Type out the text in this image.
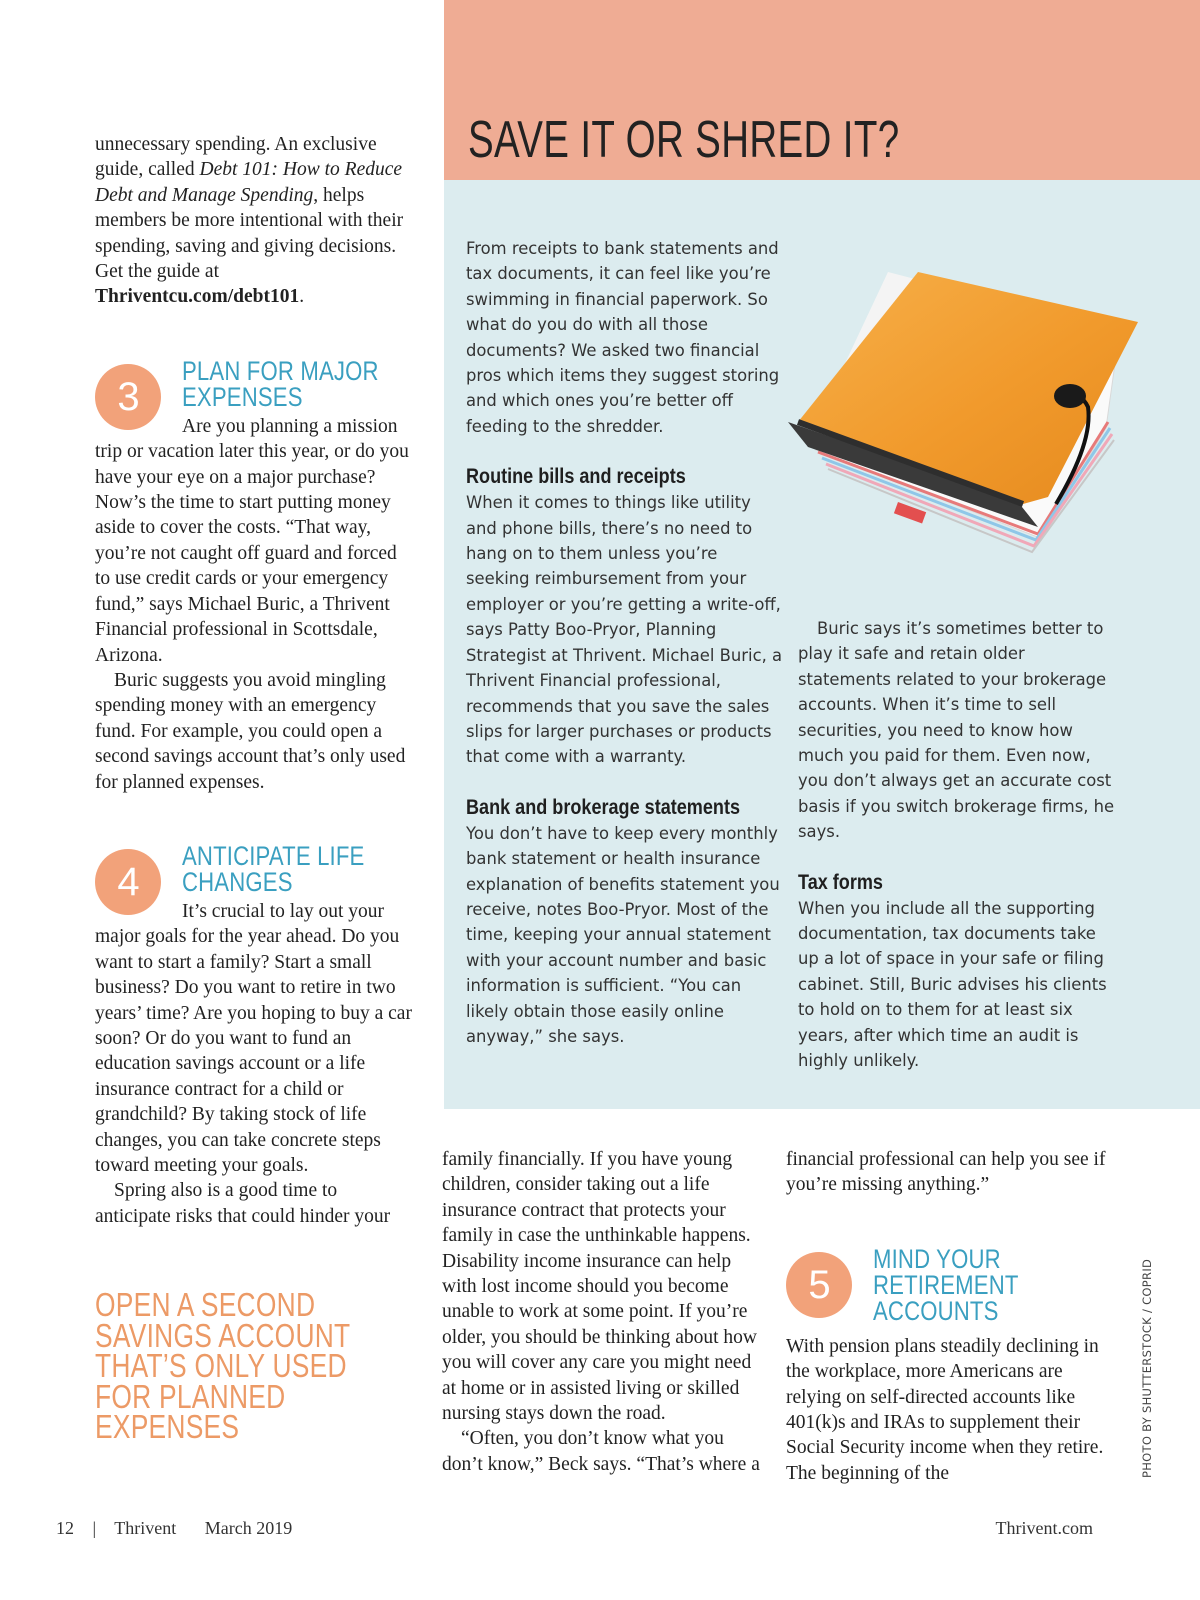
unnecessary spending. An exclusive guide, called Debt 101: How to Reduce Debt and Manage Spending, helps members be more intentional with their spending, saving and giving decisions. Get the guide at Thriventcu.com/debt101.

3
PLAN FOR MAJOR EXPENSES

Are you planning a mission trip or vacation later this year, or do you have your eye on a major purchase? Now’s the time to start putting money aside to cover the costs. “That way, you’re not caught off guard and forced to use credit cards or your emergency fund,” says Michael Buric, a Thrivent Financial professional in Scottsdale, Arizona.

Buric suggests you avoid mingling spending money with an emergency fund. For example, you could open a second savings account that’s only used for planned expenses.

4
ANTICIPATE LIFE CHANGES

It’s crucial to lay out your major goals for the year ahead. Do you want to start a family? Start a small business? Do you want to retire in two years’ time? Are you hoping to buy a car soon? Or do you want to fund an education savings account or a life insurance contract for a child or grandchild? By taking stock of life changes, you can take concrete steps toward meeting your goals.

Spring also is a good time to anticipate risks that could hinder your

OPEN A SECOND SAVINGS ACCOUNT THAT’S ONLY USED FOR PLANNED EXPENSES
SAVE IT OR SHRED IT?

From receipts to bank statements and tax documents, it can feel like you’re swimming in financial paperwork. So what do you do with all those documents? We asked two financial pros which items they suggest storing and which ones you’re better off feeding to the shredder.

Routine bills and receipts

When it comes to things like utility and phone bills, there’s no need to hang on to them unless you’re seeking reimbursement from your employer or you’re getting a write-off, says Patty Boo-Pryor, Planning Strategist at Thrivent. Michael Buric, a Thrivent Financial professional, recommends that you save the sales slips for larger purchases or products that come with a warranty.

Bank and brokerage statements

You don’t have to keep every monthly bank statement or health insurance explanation of benefits statement you receive, notes Boo-Pryor. Most of the time, keeping your annual statement with your account number and basic information is sufficient. “You can likely obtain those easily online anyway,” she says.

Buric says it’s sometimes better to play it safe and retain older statements related to your brokerage accounts. When it’s time to sell securities, you need to know how much you paid for them. Even now, you don’t always get an accurate cost basis if you switch brokerage firms, he says.

Tax forms

When you include all the supporting documentation, tax documents take up a lot of space in your safe or filing cabinet. Still, Buric advises his clients to hold on to them for at least six years, after which time an audit is highly unlikely.

family financially. If you have young children, consider taking out a life insurance contract that protects your family in case the unthinkable happens. Disability income insurance can help with lost income should you become unable to work at some point. If you’re older, you should be thinking about how you will cover any care you might need at home or in assisted living or skilled nursing stays down the road.

“Often, you don’t know what you don’t know,” Beck says. “That’s where a

financial professional can help you see if you’re missing anything.”

5
MIND YOUR RETIREMENT ACCOUNTS

With pension plans steadily declining in the workplace, more Americans are relying on self-directed accounts like 401(k)s and IRAs to supplement their Social Security income when they retire. The beginning of the	PHOTO BY SHUTTERSTOCK / COPRID
12 | Thrivent March 2019	Thrivent.com
